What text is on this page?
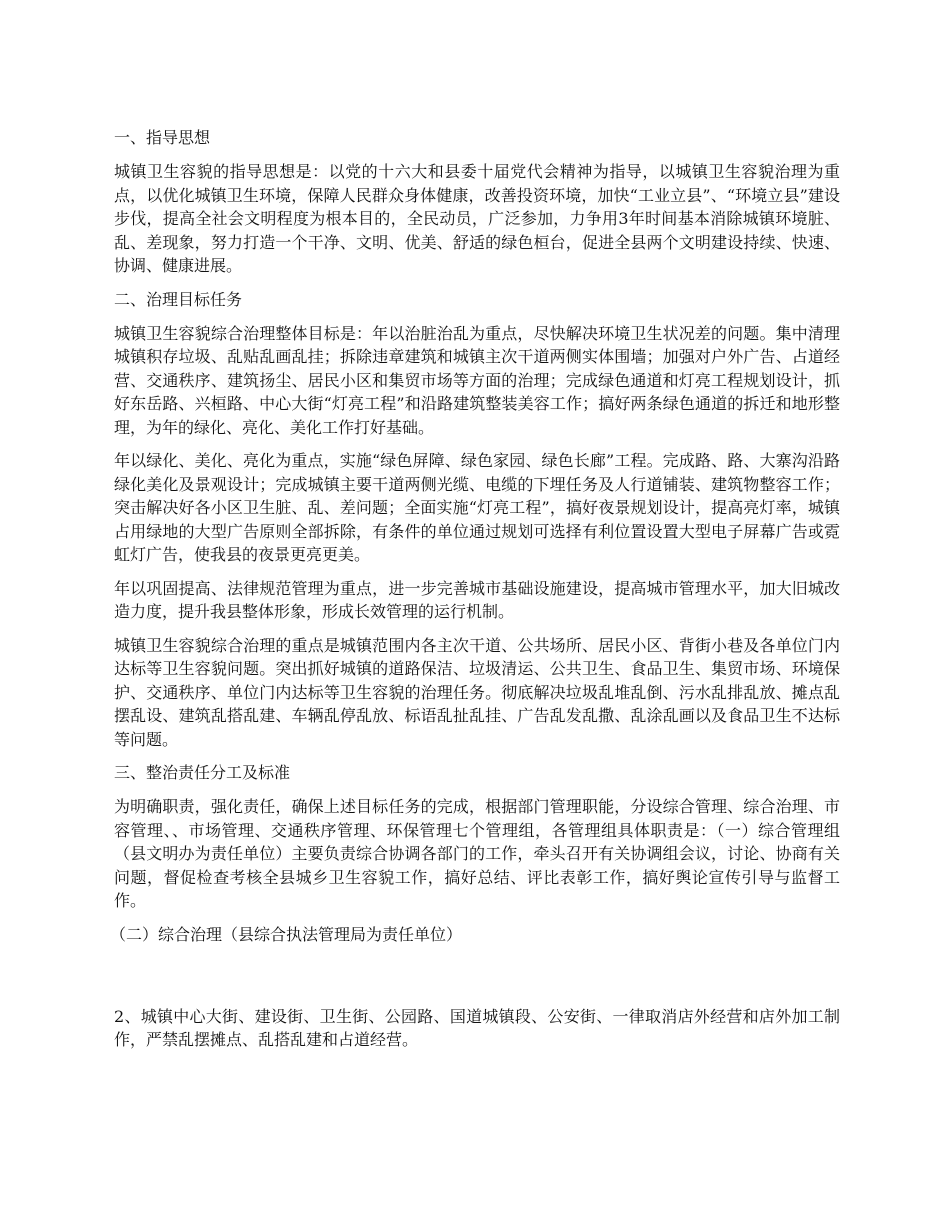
一、指导思想

城镇卫生容貌的指导思想是：以党的十六大和县委十届党代会精神为指导，以城镇卫生容貌治理为重点，以优化城镇卫生环境，保障人民群众身体健康，改善投资环境，加快“工业立县”、“环境立县”建设步伐，提高全社会文明程度为根本目的，全民动员，广泛参加，力争用3年时间基本消除城镇环境脏、乱、差现象，努力打造一个干净、文明、优美、舒适的绿色桓台，促进全县两个文明建设持续、快速、协调、健康进展。

二、治理目标任务

城镇卫生容貌综合治理整体目标是：年以治脏治乱为重点，尽快解决环境卫生状况差的问题。集中清理城镇积存垃圾、乱贴乱画乱挂；拆除违章建筑和城镇主次干道两侧实体围墙；加强对户外广告、占道经营、交通秩序、建筑扬尘、居民小区和集贸市场等方面的治理；完成绿色通道和灯亮工程规划设计，抓好东岳路、兴桓路、中心大街“灯亮工程”和沿路建筑整装美容工作；搞好两条绿色通道的拆迁和地形整理，为年的绿化、亮化、美化工作打好基础。

年以绿化、美化、亮化为重点，实施“绿色屏障、绿色家园、绿色长廊”工程。完成路、路、大寨沟沿路绿化美化及景观设计；完成城镇主要干道两侧光缆、电缆的下埋任务及人行道铺装、建筑物整容工作；突击解决好各小区卫生脏、乱、差问题；全面实施“灯亮工程”，搞好夜景规划设计，提高亮灯率，城镇占用绿地的大型广告原则全部拆除，有条件的单位通过规划可选择有利位置设置大型电子屏幕广告或霓虹灯广告，使我县的夜景更亮更美。

年以巩固提高、法律规范管理为重点，进一步完善城市基础设施建设，提高城市管理水平，加大旧城改造力度，提升我县整体形象，形成长效管理的运行机制。

城镇卫生容貌综合治理的重点是城镇范围内各主次干道、公共场所、居民小区、背街小巷及各单位门内达标等卫生容貌问题。突出抓好城镇的道路保洁、垃圾清运、公共卫生、食品卫生、集贸市场、环境保护、交通秩序、单位门内达标等卫生容貌的治理任务。彻底解决垃圾乱堆乱倒、污水乱排乱放、摊点乱摆乱设、建筑乱搭乱建、车辆乱停乱放、标语乱扯乱挂、广告乱发乱撒、乱涂乱画以及食品卫生不达标等问题。

三、整治责任分工及标准

为明确职责，强化责任，确保上述目标任务的完成，根据部门管理职能，分设综合管理、综合治理、市容管理、、市场管理、交通秩序管理、环保管理七个管理组，各管理组具体职责是：（一）综合管理组（县文明办为责任单位）主要负责综合协调各部门的工作，牵头召开有关协调组会议，讨论、协商有关问题，督促检查考核全县城乡卫生容貌工作，搞好总结、评比表彰工作，搞好舆论宣传引导与监督工作。

（二）综合治理（县综合执法管理局为责任单位）

2、城镇中心大街、建设街、卫生街、公园路、国道城镇段、公安街、一律取消店外经营和店外加工制作，严禁乱摆摊点、乱搭乱建和占道经营。
